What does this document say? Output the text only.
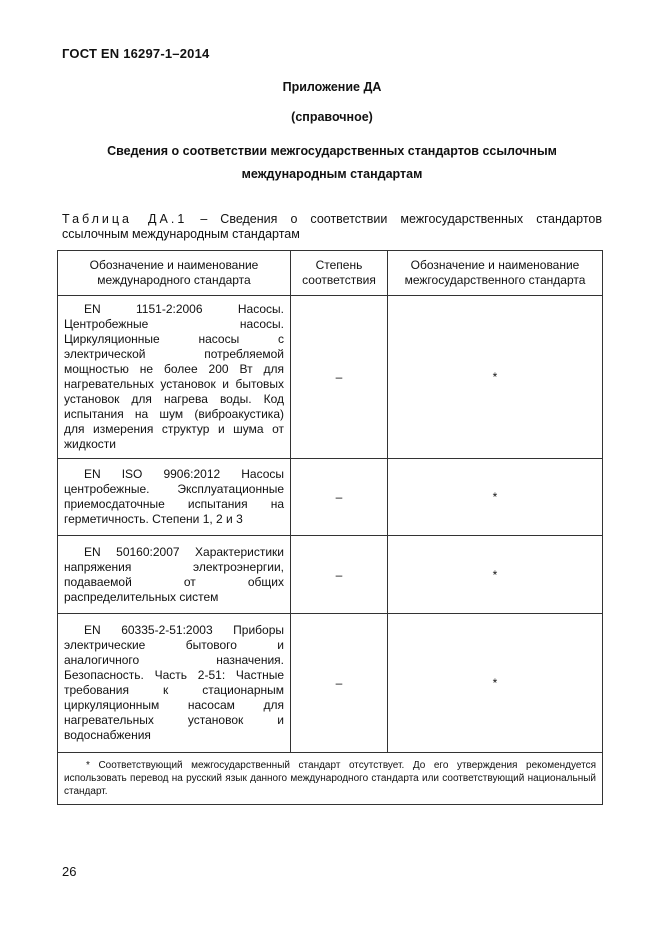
ГОСТ EN 16297-1–2014
Приложение ДА
(справочное)
Сведения о соответствии межгосударственных стандартов ссылочным
международным стандартам
Таблица ДА.1 – Сведения о соответствии межгосударственных стандартов ссылочным международным стандартам
Обозначение и наименование международного стандарта	Степень соответствия	Обозначение и наименование межгосударственного стандарта
EN 1151-2:2006 Насосы. Центробежные насосы. Циркуляционные насосы с электрической потребляемой мощностью не более 200 Вт для нагревательных установок и бытовых установок для нагрева воды. Код испытания на шум (виброакустика) для измерения структур и шума от жидкости	–	*
EN ISO 9906:2012 Насосы центробежные. Эксплуатационные приемосдаточные испытания на герметичность. Степени 1, 2 и 3	–	*
EN 50160:2007 Характеристики напряжения электроэнергии, подаваемой от общих распределительных систем	–	*
EN 60335-2-51:2003 Приборы электрические бытового и аналогичного назначения. Безопасность. Часть 2-51: Частные требования к стационарным циркуляционным насосам для нагревательных установок и водоснабжения	–	*
* Соответствующий межгосударственный стандарт отсутствует. До его утверждения рекомендуется использовать перевод на русский язык данного международного стандарта или соответствующий национальный стандарт.		
26
